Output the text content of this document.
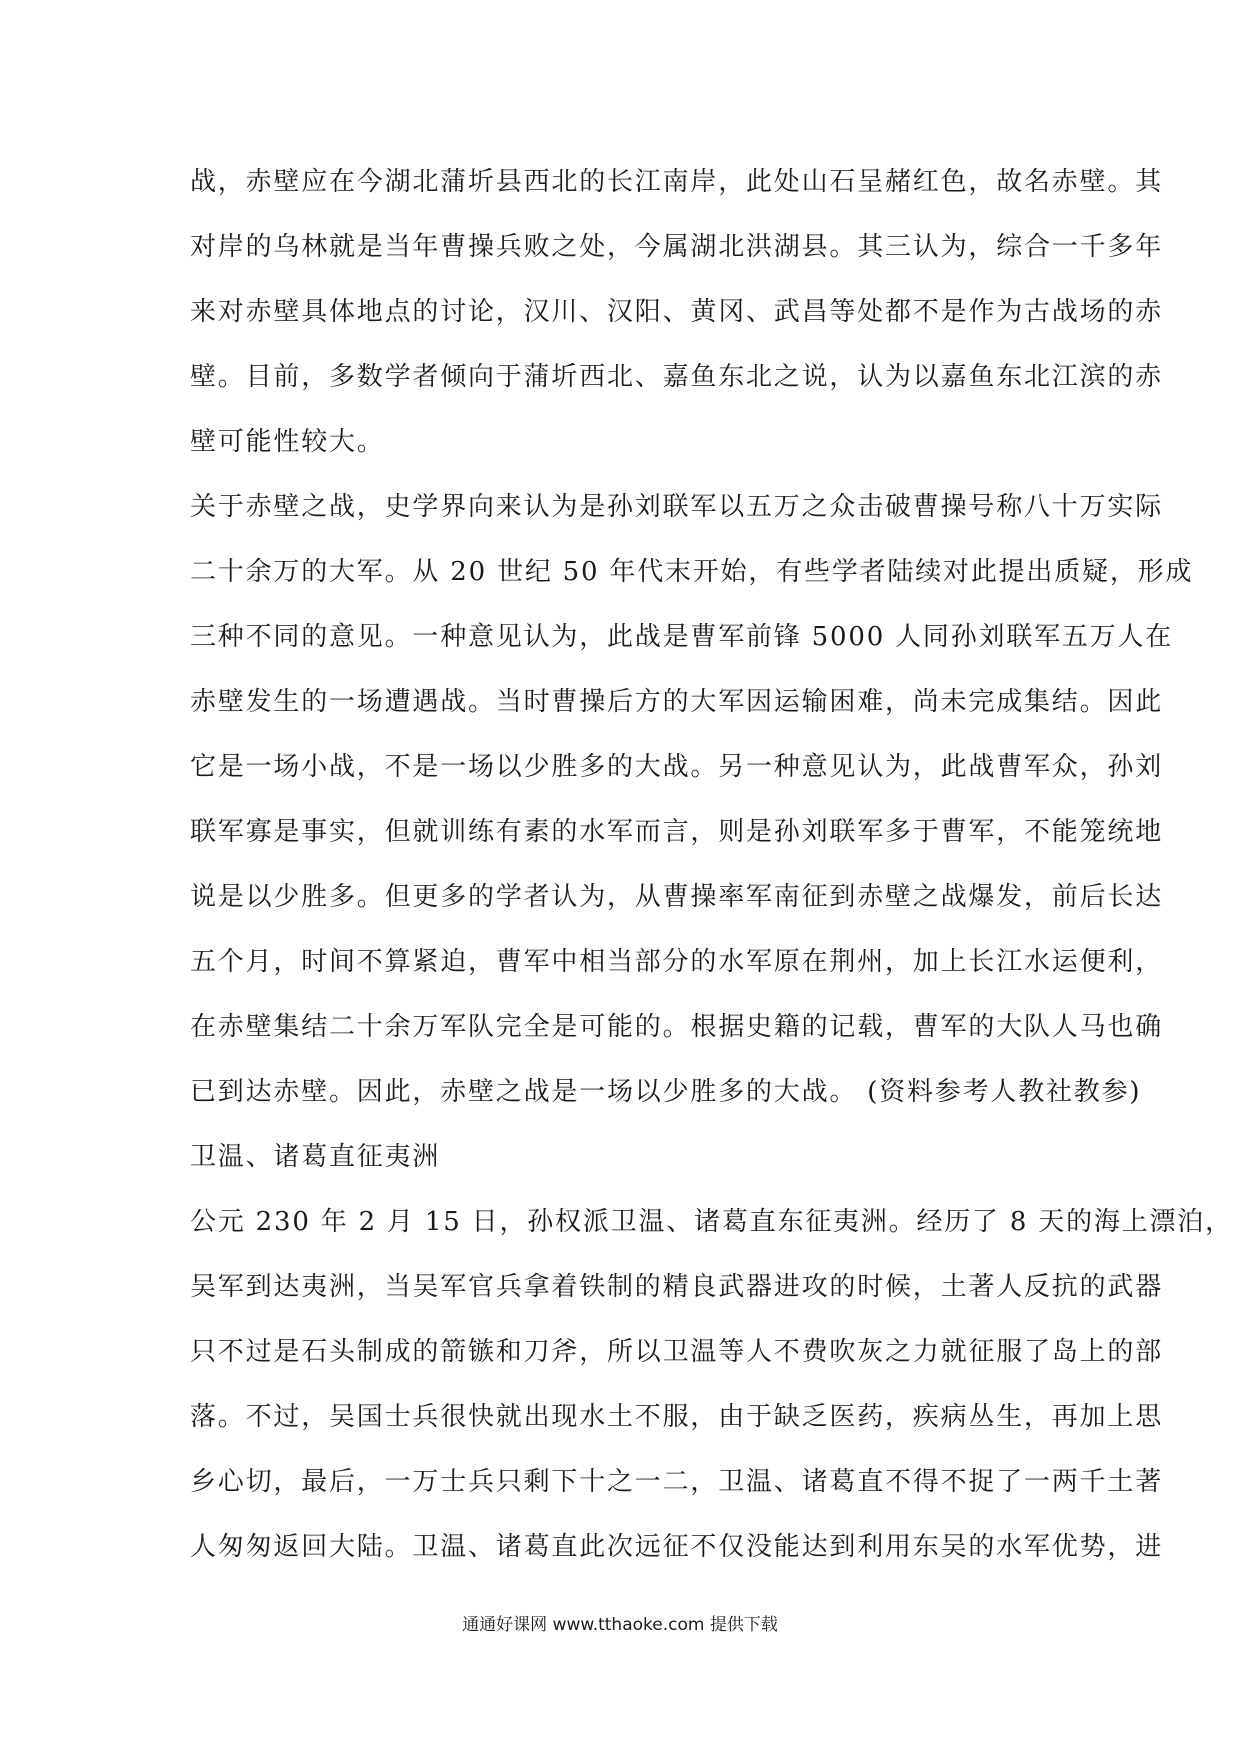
战，赤壁应在今湖北蒲圻县西北的长江南岸，此处山石呈赭红色，故名赤壁。其
对岸的乌林就是当年曹操兵败之处，今属湖北洪湖县。其三认为，综合一千多年
来对赤壁具体地点的讨论，汉川、汉阳、黄冈、武昌等处都不是作为古战场的赤
壁。目前，多数学者倾向于蒲圻西北、嘉鱼东北之说，认为以嘉鱼东北江滨的赤
壁可能性较大。
关于赤壁之战，史学界向来认为是孙刘联军以五万之众击破曹操号称八十万实际
二十余万的大军。从 20 世纪 50 年代末开始，有些学者陆续对此提出质疑，形成
三种不同的意见。一种意见认为，此战是曹军前锋 5000 人同孙刘联军五万人在
赤壁发生的一场遭遇战。当时曹操后方的大军因运输困难，尚未完成集结。因此
它是一场小战，不是一场以少胜多的大战。另一种意见认为，此战曹军众，孙刘
联军寡是事实，但就训练有素的水军而言，则是孙刘联军多于曹军，不能笼统地
说是以少胜多。但更多的学者认为，从曹操率军南征到赤壁之战爆发，前后长达
五个月，时间不算紧迫，曹军中相当部分的水军原在荆州，加上长江水运便利，
在赤壁集结二十余万军队完全是可能的。根据史籍的记载，曹军的大队人马也确
已到达赤壁。因此，赤壁之战是一场以少胜多的大战。 (资料参考人教社教参)
卫温、诸葛直征夷洲
公元 230 年 2 月 15 日，孙权派卫温、诸葛直东征夷洲。经历了 8 天的海上漂泊，
吴军到达夷洲，当吴军官兵拿着铁制的精良武器进攻的时候，土著人反抗的武器
只不过是石头制成的箭镞和刀斧，所以卫温等人不费吹灰之力就征服了岛上的部
落。不过，吴国士兵很快就出现水土不服，由于缺乏医药，疾病丛生，再加上思
乡心切，最后，一万士兵只剩下十之一二，卫温、诸葛直不得不捉了一两千土著
人匆匆返回大陆。卫温、诸葛直此次远征不仅没能达到利用东吴的水军优势，进
通通好课网 www.tthaoke.com 提供下载
